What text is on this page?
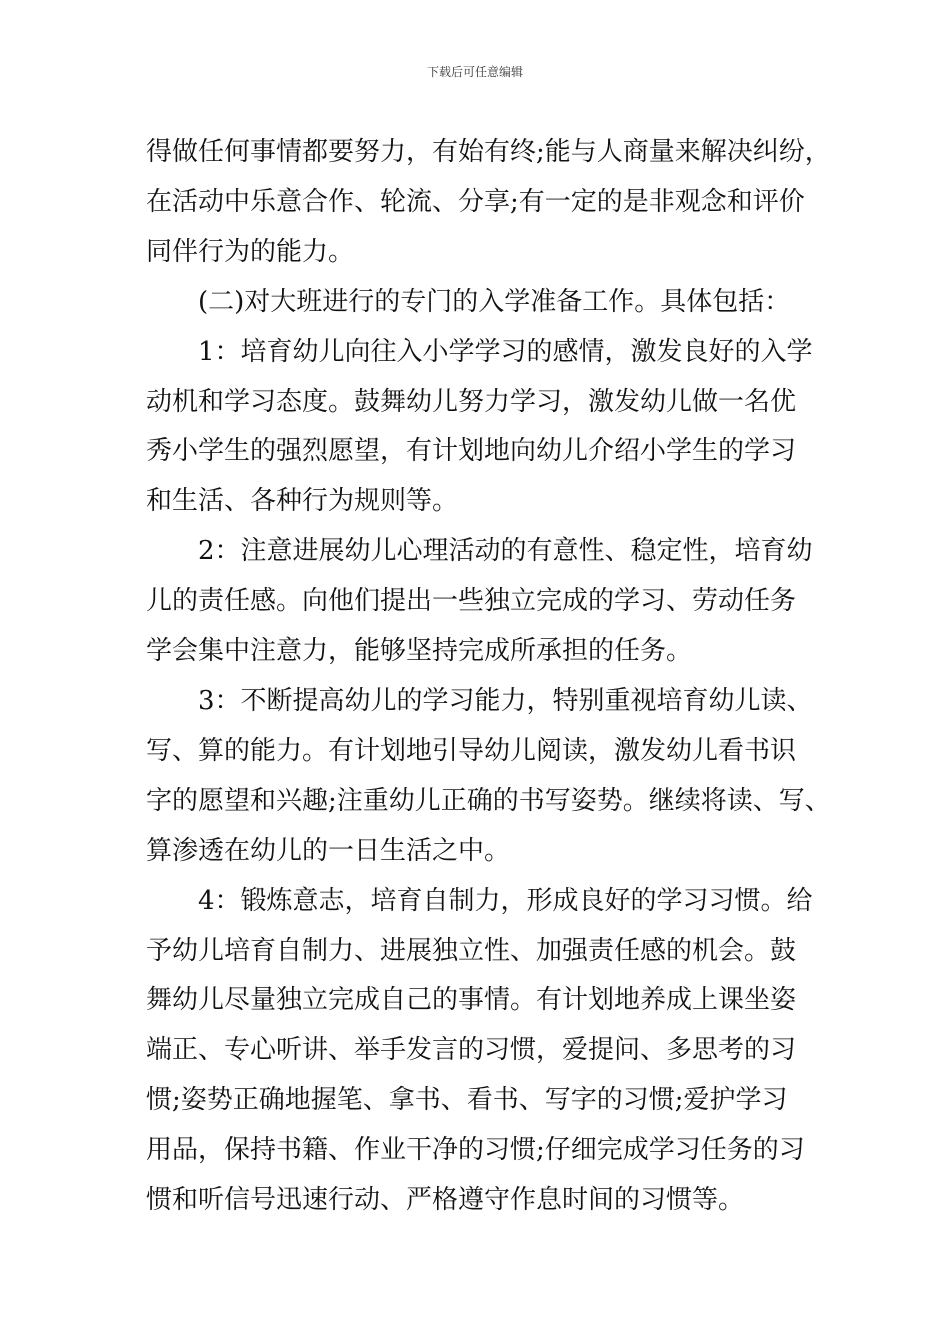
下载后可任意编辑
得做任何事情都要努力，有始有终;能与人商量来解决纠纷，
在活动中乐意合作、轮流、分享;有一定的是非观念和评价
同伴行为的能力。
(二)对大班进行的专门的入学准备工作。具体包括：
1：培育幼儿向往入小学学习的感情，激发良好的入学
动机和学习态度。鼓舞幼儿努力学习，激发幼儿做一名优
秀小学生的强烈愿望，有计划地向幼儿介绍小学生的学习
和生活、各种行为规则等。
2：注意进展幼儿心理活动的有意性、稳定性，培育幼
儿的责任感。向他们提出一些独立完成的学习、劳动任务
学会集中注意力，能够坚持完成所承担的任务。
3：不断提高幼儿的学习能力，特别重视培育幼儿读、
写、算的能力。有计划地引导幼儿阅读，激发幼儿看书识
字的愿望和兴趣;注重幼儿正确的书写姿势。继续将读、写、
算渗透在幼儿的一日生活之中。
4：锻炼意志，培育自制力，形成良好的学习习惯。给
予幼儿培育自制力、进展独立性、加强责任感的机会。鼓
舞幼儿尽量独立完成自己的事情。有计划地养成上课坐姿
端正、专心听讲、举手发言的习惯，爱提问、多思考的习
惯;姿势正确地握笔、拿书、看书、写字的习惯;爱护学习
用品，保持书籍、作业干净的习惯;仔细完成学习任务的习
惯和听信号迅速行动、严格遵守作息时间的习惯等。
